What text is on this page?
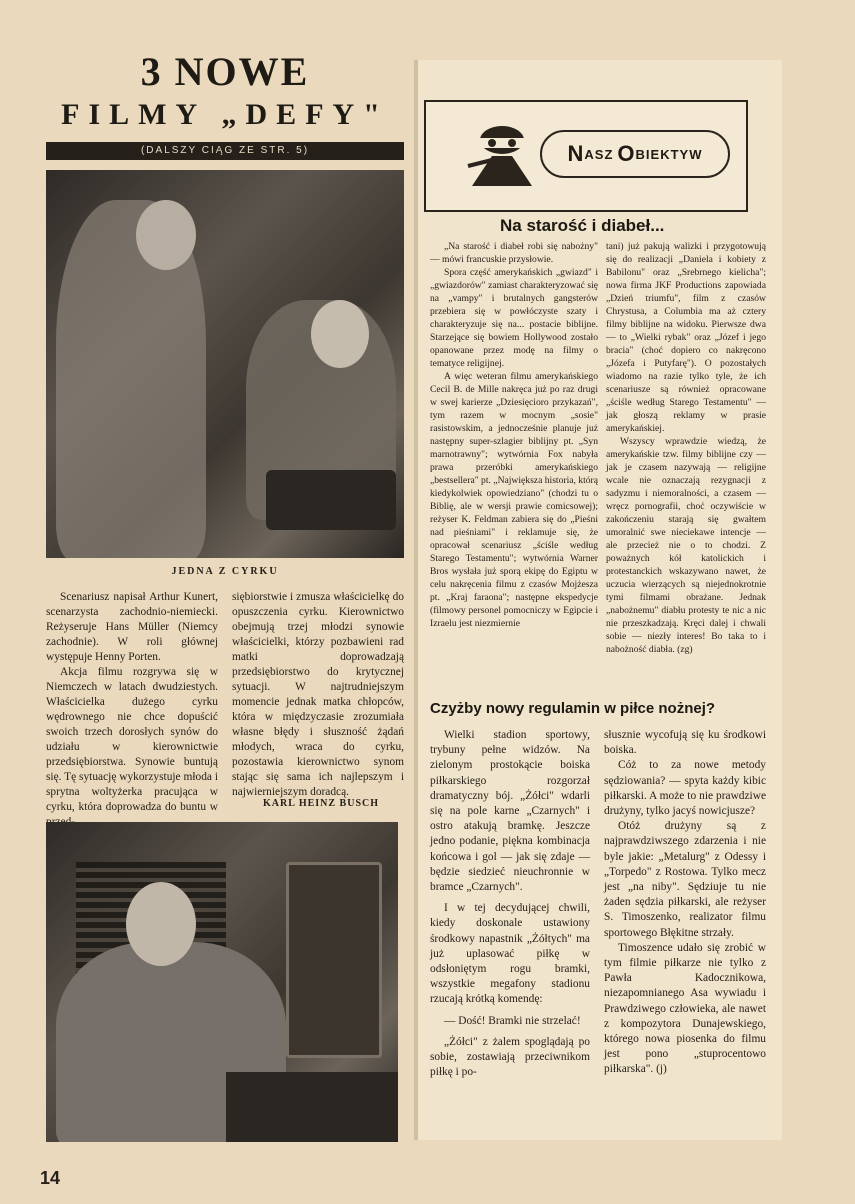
3 NOWE
FILMY „DEFY"
(DALSZY CIĄG ZE STR. 5)
JEDNA Z CYRKU

Scenariusz napisał Arthur Kunert, scenarzysta zachodnio-niemiecki. Reżyseruje Hans Müller (Niemcy zachodnie). W roli głównej występuje Henny Porten.

Akcja filmu rozgrywa się w Niemczech w latach dwudziestych. Właścicielka dużego cyrku wędrownego nie chce dopuścić swoich trzech dorosłych synów do udziału w kierownictwie przedsiębiorstwa. Synowie buntują się. Tę sytuację wykorzystuje młoda i sprytna woltyżerka pracująca w cyrku, która doprowadza do buntu w

siębiorstwie i zmusza właścicielkę do opuszczenia cyrku. Kierownictwo obejmują trzej młodzi synowie właścicielki, którzy pozbawieni rad matki doprowadzają przedsiębiorstwo do krytycznej sytuacji. W najtrudniejszym momencie jednak matka chłopców, która w międzyczasie zrozumiała własne błędy i słuszność żądań młodych, wraca do cyrku, pozostawia kierownictwo synom stając się sama ich najlepszym i najwierniejszym doradcą.

KARL HEINZ BUSCH
N ASZ O BIEKTYW
Na starość i diabeł...

„Na starość i diabeł robi się nabożny" — mówi francuskie przysłowie.

Spora część amerykańskich „gwiazd" i „gwiazdorów" zamiast charakteryzować się na „vampy" i brutalnych gangsterów przebiera się w powłóczyste szaty i charakteryzuje się na... postacie biblijne. Starzejące się bowiem Hollywood zostało opanowane przez modę na filmy o tematyce religijnej.

A więc weteran filmu amerykańskiego Cecil B. de Mille nakręca już po raz drugi w swej karierze „Dziesięcioro przykazań", tym razem w mocnym „sosie" rasistowskim, a jednocześnie planuje już następny super-szlagier biblijny pt. „Syn marnotrawny"; wytwórnia Fox nabyła prawa przeróbki amerykańskiego „bestsellera" pt. „Największa historia, którą kiedykolwiek opowiedziano" (chodzi tu o Biblię, ale w wersji prawie comicsowej); reżyser K. Feldman zabiera się do „Pieśni nad pieśniami" i reklamuje się, że opracował scenariusz „ściśle według Starego Testamentu"; wytwórnia Warner Bros wysłała już sporą ekipę do Egiptu w celu nakręcenia filmu z czasów Mojżesza pt. „Kraj faraona"; następne ekspedycje (filmowy personel pomocniczy w Egipcie i Izraelu jest niezmiernie

tani) już pakują walizki i przygotowują się do realizacji „Daniela i kobiety z Babilonu" oraz „Srebrnego kielicha"; nowa firma JKF Productions zapowiada „Dzień triumfu", film z czasów Chrystusa, a Columbia ma aż cztery filmy biblijne na widoku. Pierwsze dwa — to „Wielki rybak" oraz „Józef i jego bracia" (choć dopiero co nakręcono „Józefa i Putyfarę"). O pozostałych wiadomo na razie tylko tyle, że ich scenariusze są również opracowane „ściśle według Starego Testamentu" — jak głoszą reklamy w prasie amerykańskiej.

Wszyscy wprawdzie wiedzą, że amerykańskie tzw. filmy biblijne czy — jak je czasem nazywają — religijne wcale nie oznaczają rezygnacji z sadyzmu i niemoralności, a czasem — wręcz pornografii, choć oczywiście w zakończeniu starają się gwałtem umoralnić swe nieciekawe intencje — ale przecież nie o to chodzi. Z poważnych kół katolickich i protestanckich wskazywano nawet, że uczucia wierzących są niejednokrotnie tymi filmami obrażane. Jednak „nabożnemu" diabłu protesty te nic a nic nie przeszkadzają. Kręci dalej i chwali sobie — niezły interes! Bo taka to i nabożność diabła. (zg)

Czyżby nowy regulamin w piłce nożnej?

Wielki stadion sportowy, trybuny pełne widzów. Na zielonym prostokącie boiska piłkarskiego rozgorzał dramatyczny bój. „Żółci" wdarli się na pole karne „Czarnych" i ostro atakują bramkę. Jeszcze jedno podanie, piękna kombinacja końcowa i gol — jak się zdaje — będzie siedzieć nieuchronnie w bramce „Czarnych".

I w tej decydującej chwili, kiedy doskonale ustawiony środkowy napastnik „Żółtych" ma już uplasować piłkę w odsłoniętym rogu bramki, wszystkie megafony stadionu rzucają krótką komendę:

— Dość! Bramki nie strzelać!

„Żółci" z żalem spoglądają po sobie, zostawiają przeciwnikom piłkę i po-

słusznie wycofują się ku środkowi boiska.

Cóż to za nowe metody sędziowania? — spyta każdy kibic piłkarski. A może to nie prawdziwe drużyny, tylko jacyś nowicjusze?

Otóż drużyny są z najprawdziwszego zdarzenia i nie byle jakie: „Metalurg" z Odessy i „Torpedo" z Rostowa. Tylko mecz jest „na niby". Sędziuje tu nie żaden sędzia piłkarski, ale reżyser S. Timoszenko, realizator filmu sportowego Błękitne strzały.

Timoszence udało się zrobić w tym filmie piłkarze nie tylko z Pawła Kadocznikowa, niezapomnianego Asa wywiadu i Prawdziwego człowieka, ale nawet z kompozytora Dunajewskiego, którego nowa piosenka do filmu jest pono „stuprocentowo piłkarska". (j)

14
